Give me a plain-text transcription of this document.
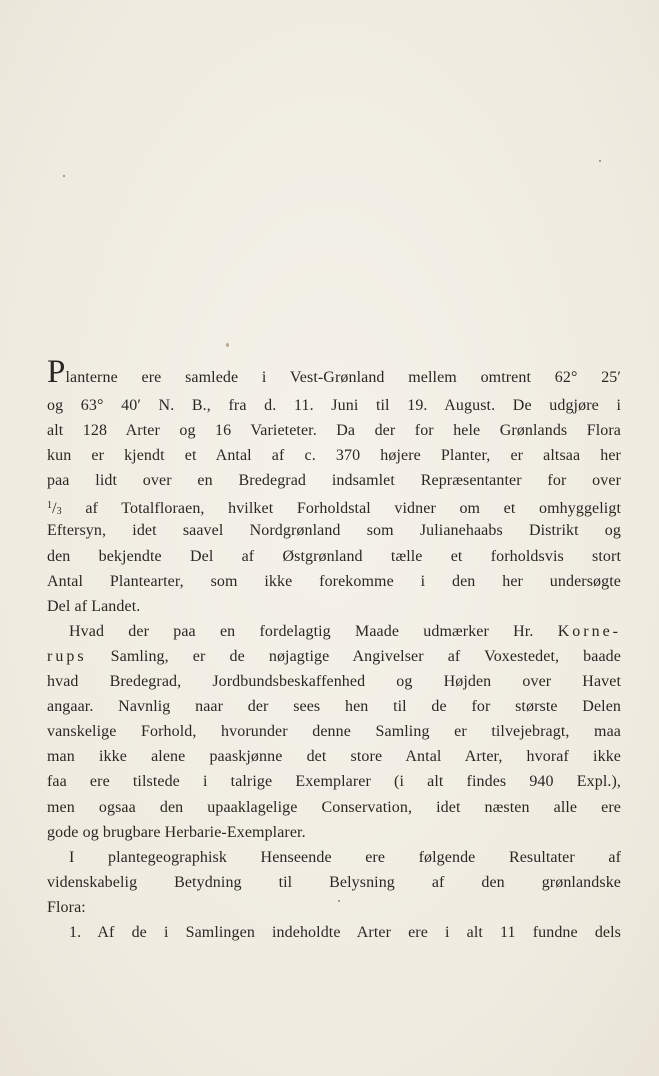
Planterne ere samlede i Vest-Grønland mellem omtrent 62° 25′
og 63° 40′ N. B., fra d. 11. Juni til 19. August. De udgjøre i
alt 128 Arter og 16 Varieteter. Da der for hele Grønlands Flora
kun er kjendt et Antal af c. 370 højere Planter, er altsaa her
paa lidt over en Bredegrad indsamlet Repræsentanter for over
$^1/_3$ af Totalfloraen, hvilket Forholdstal vidner om et omhyggeligt
Eftersyn, idet saavel Nordgrønland som Julianehaabs Distrikt og
den bekjendte Del af Østgrønland tælle et forholdsvis stort
Antal Plantearter, som ikke forekomme i den her undersøgte
Del af Landet.
Hvad der paa en fordelagtig Maade udmærker Hr. Korne-
rups Samling, er de nøjagtige Angivelser af Voxestedet, baade
hvad Bredegrad, Jordbundsbeskaffenhed og Højden over Havet
angaar. Navnlig naar der sees hen til de for største Delen
vanskelige Forhold, hvorunder denne Samling er tilvejebragt, maa
man ikke alene paaskjønne det store Antal Arter, hvoraf ikke
faa ere tilstede i talrige Exemplarer (i alt findes 940 Expl.),
men ogsaa den upaaklagelige Conservation, idet næsten alle ere
gode og brugbare Herbarie-Exemplarer.
I plantegeographisk Henseende ere følgende Resultater af
videnskabelig Betydning til Belysning af den grønlandske
Flora:
1. Af de i Samlingen indeholdte Arter ere i alt 11 fundne dels
